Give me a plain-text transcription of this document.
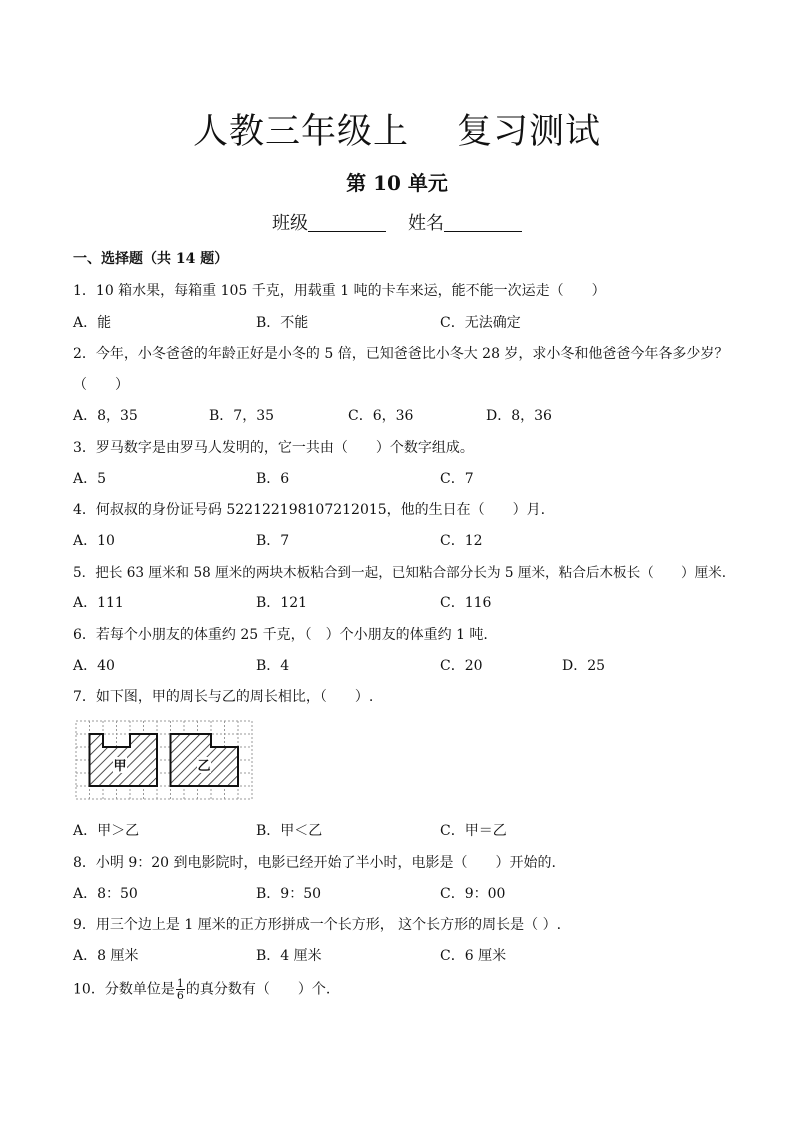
人教三年级上 复习测试
第 10 单元
班级	姓名
一、选择题（共 14 题）
1．10 箱水果，每箱重 105 千克，用载重 1 吨的卡车来运，能不能一次运走（　　）
A．能	B．不能	C．无法确定
2．今年，小冬爸爸的年龄正好是小冬的 5 倍，已知爸爸比小冬大 28 岁，求小冬和他爸爸今年各多少岁？
（　　）
A．8，35	B．7，35	C．6，36	D．8，36
3．罗马数字是由罗马人发明的，它一共由（　　）个数字组成。
A．5	B．6	C．7
4．何叔叔的身份证号码 522122198107212015，他的生日在（　　）月.
A．10	B．7	C．12
5．把长 63 厘米和 58 厘米的两块木板粘合到一起，已知粘合部分长为 5 厘米，粘合后木板长（　　）厘米.
A．111	B．121	C．116
6．若每个小朋友的体重约 25 千克，（　）个小朋友的体重约 1 吨.
A．40	B．4	C．20	D．25
7．如下图，甲的周长与乙的周长相比，（　　）.
甲	乙
A．甲＞乙	B．甲＜乙	C．甲＝乙
8．小明 9：20 到电影院时，电影已经开始了半小时，电影是（　　）开始的.
A．8：50	B．9：50	C．9：00
9．用三个边上是 1 厘米的正方形拼成一个长方形， 这个长方形的周长是（ ）.
A．8 厘米	B．4 厘米	C．6 厘米
10．分数单位是 $\frac{1}{6}$ 的真分数有（　　）个.
